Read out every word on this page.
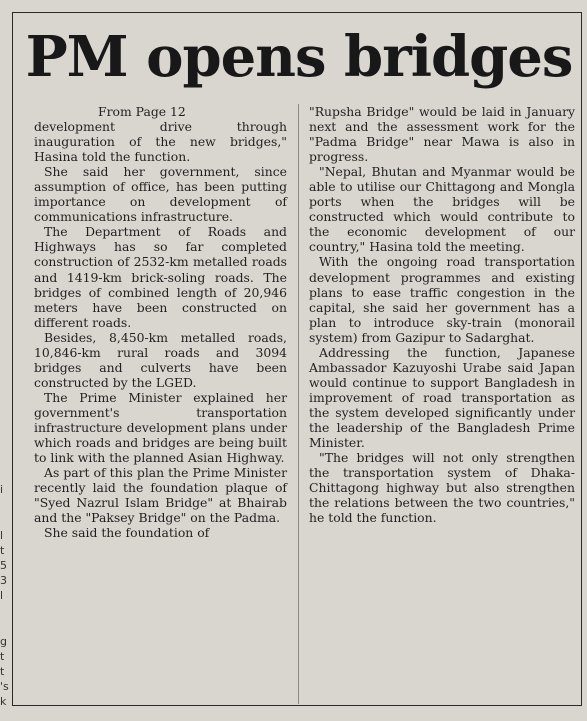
i
l
t
5
3
l
g
t
t
's
k
PM opens bridges
From Page 12

development drive through inauguration of the new bridges," Hasina told the function.

She said her government, since assumption of office, has been putting importance on development of communications infrastructure.

The Department of Roads and Highways has so far completed construction of 2532-km metalled roads and 1419-km brick-soling roads. The bridges of combined length of 20,946 meters have been constructed on different roads.

Besides, 8,450-km metalled roads, 10,846-km rural roads and 3094 bridges and culverts have been constructed by the LGED.

The Prime Minister explained her government's transportation infrastructure development plans under which roads and bridges are being built to link with the planned Asian Highway.

As part of this plan the Prime Minister recently laid the foundation plaque of "Syed Nazrul Islam Bridge" at Bhairab and the "Paksey Bridge" on the Padma.

She said the foundation of

"Rupsha Bridge" would be laid in January next and the assessment work for the "Padma Bridge" near Mawa is also in progress.

"Nepal, Bhutan and Myanmar would be able to utilise our Chittagong and Mongla ports when the bridges will be constructed which would contribute to the economic development of our country," Hasina told the meeting.

With the ongoing road transportation development programmes and existing plans to ease traffic congestion in the capital, she said her government has a plan to introduce sky-train (monorail system) from Gazipur to Sadarghat.

Addressing the function, Japanese Ambassador Kazuyoshi Urabe said Japan would continue to support Bangladesh in improvement of road transportation as the system developed significantly under the leadership of the Bangladesh Prime Minister.

"The bridges will not only strengthen the transportation system of Dhaka-Chittagong highway but also strengthen the relations between the two countries," he told the function.
